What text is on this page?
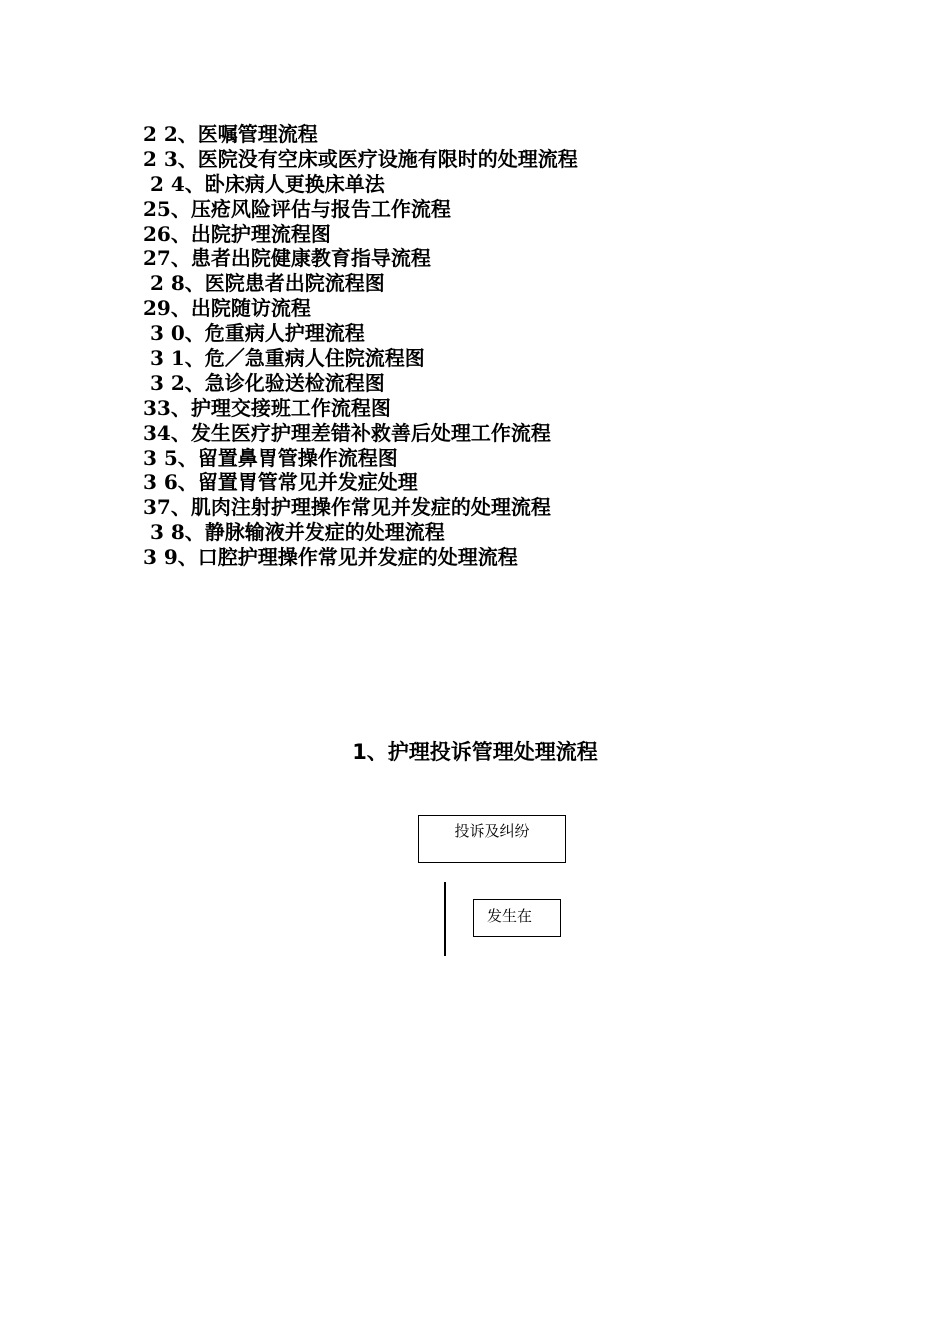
2 2、医嘱管理流程
2 3、医院没有空床或医疗设施有限时的处理流程
2 4、卧床病人更换床单法
25、压疮风险评估与报告工作流程
26、出院护理流程图
27、患者出院健康教育指导流程
2 8、医院患者出院流程图
29、出院随访流程
3 0、危重病人护理流程
3 1、危／急重病人住院流程图
3 2、急诊化验送检流程图
33、护理交接班工作流程图
34、发生医疗护理差错补救善后处理工作流程
3 5、留置鼻胃管操作流程图
3 6、留置胃管常见并发症处理
37、肌肉注射护理操作常见并发症的处理流程
3 8、静脉输液并发症的处理流程
3 9、口腔护理操作常见并发症的处理流程
1、护理投诉管理处理流程
投诉及纠纷
发生在
